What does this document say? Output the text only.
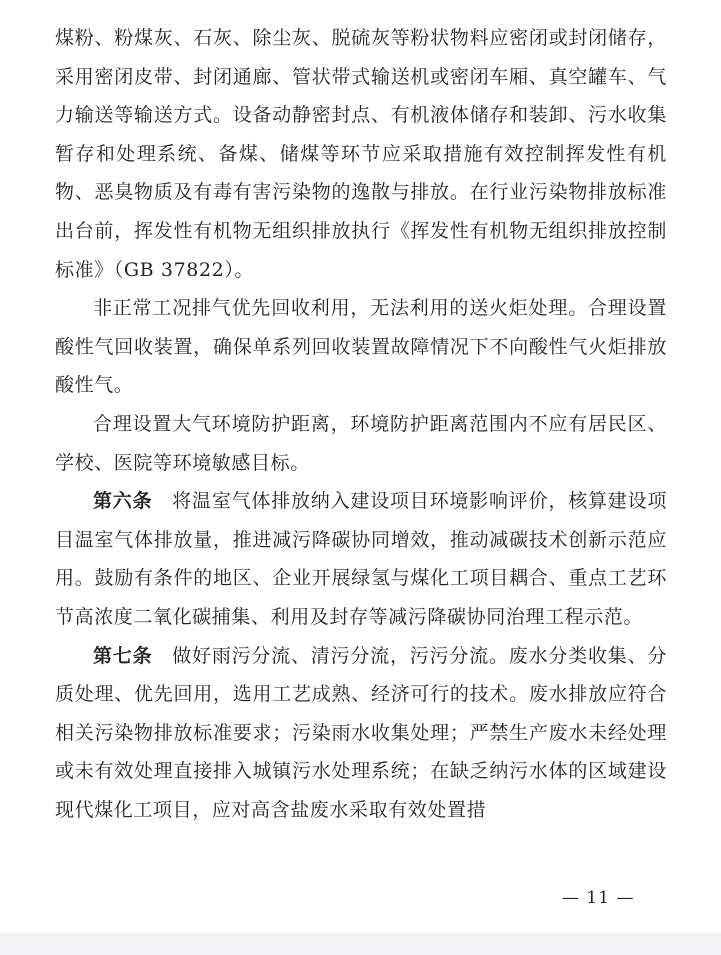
煤粉、粉煤灰、石灰、除尘灰、脱硫灰等粉状物料应密闭或封闭储存，采用密闭皮带、封闭通廊、管状带式输送机或密闭车厢、真空罐车、气力输送等输送方式。设备动静密封点、有机液体储存和装卸、污水收集暂存和处理系统、备煤、储煤等环节应采取措施有效控制挥发性有机物、恶臭物质及有毒有害污染物的逸散与排放。在行业污染物排放标准出台前，挥发性有机物无组织排放执行《挥发性有机物无组织排放控制标准》（GB 37822）。

非正常工况排气优先回收利用，无法利用的送火炬处理。合理设置酸性气回收装置，确保单系列回收装置故障情况下不向酸性气火炬排放酸性气。

合理设置大气环境防护距离，环境防护距离范围内不应有居民区、学校、医院等环境敏感目标。

第六条　 将温室气体排放纳入建设项目环境影响评价，核算建设项目温室气体排放量，推进减污降碳协同增效，推动减碳技术创新示范应用。鼓励有条件的地区、企业开展绿氢与煤化工项目耦合、重点工艺环节高浓度二氧化碳捕集、利用及封存等减污降碳协同治理工程示范。

第七条　 做好雨污分流、清污分流，污污分流。废水分类收集、分质处理、优先回用，选用工艺成熟、经济可行的技术。废水排放应符合相关污染物排放标准要求；污染雨水收集处理；严禁生产废水未经处理或未有效处理直接排入城镇污水处理系统；在缺乏纳污水体的区域建设现代煤化工项目，应对高含盐废水采取有效处置措

— 11 —
